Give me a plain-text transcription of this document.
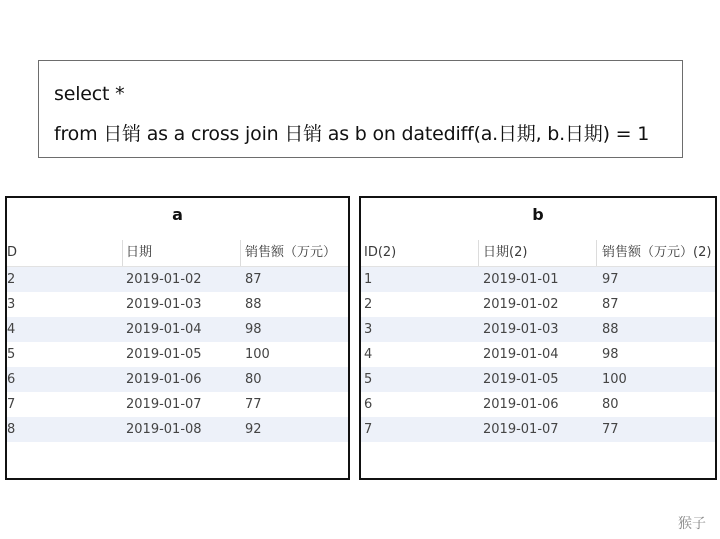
select *
from 日销 as a cross join 日销 as b on datediff(a.日期, b.日期) = 1
a
D	日期	销售额（万元）
2	2019-01-02	87
3	2019-01-03	88
4	2019-01-04	98
5	2019-01-05	100
6	2019-01-06	80
7	2019-01-07	77
8	2019-01-08	92
b
ID(2)	日期(2)	销售额（万元）(2)
1	2019-01-01	97
2	2019-01-02	87
3	2019-01-03	88
4	2019-01-04	98
5	2019-01-05	100
6	2019-01-06	80
7	2019-01-07	77
猴子
